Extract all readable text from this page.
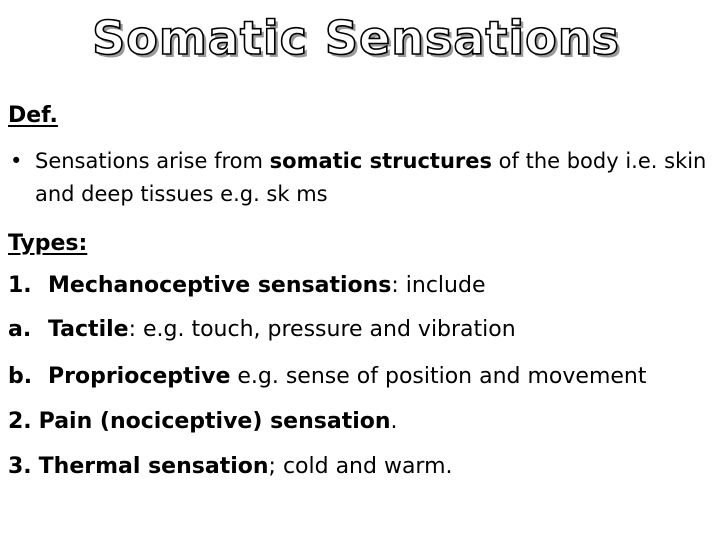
Somatic Sensations
Def.
• Sensations arise from somatic structures of the body i.e. skin and deep tissues e.g. sk ms
Types:
1. Mechanoceptive sensations: include
a. Tactile: e.g. touch, pressure and vibration
b. Proprioceptive e.g. sense of position and movement
2. Pain (nociceptive) sensation.
3. Thermal sensation; cold and warm.
